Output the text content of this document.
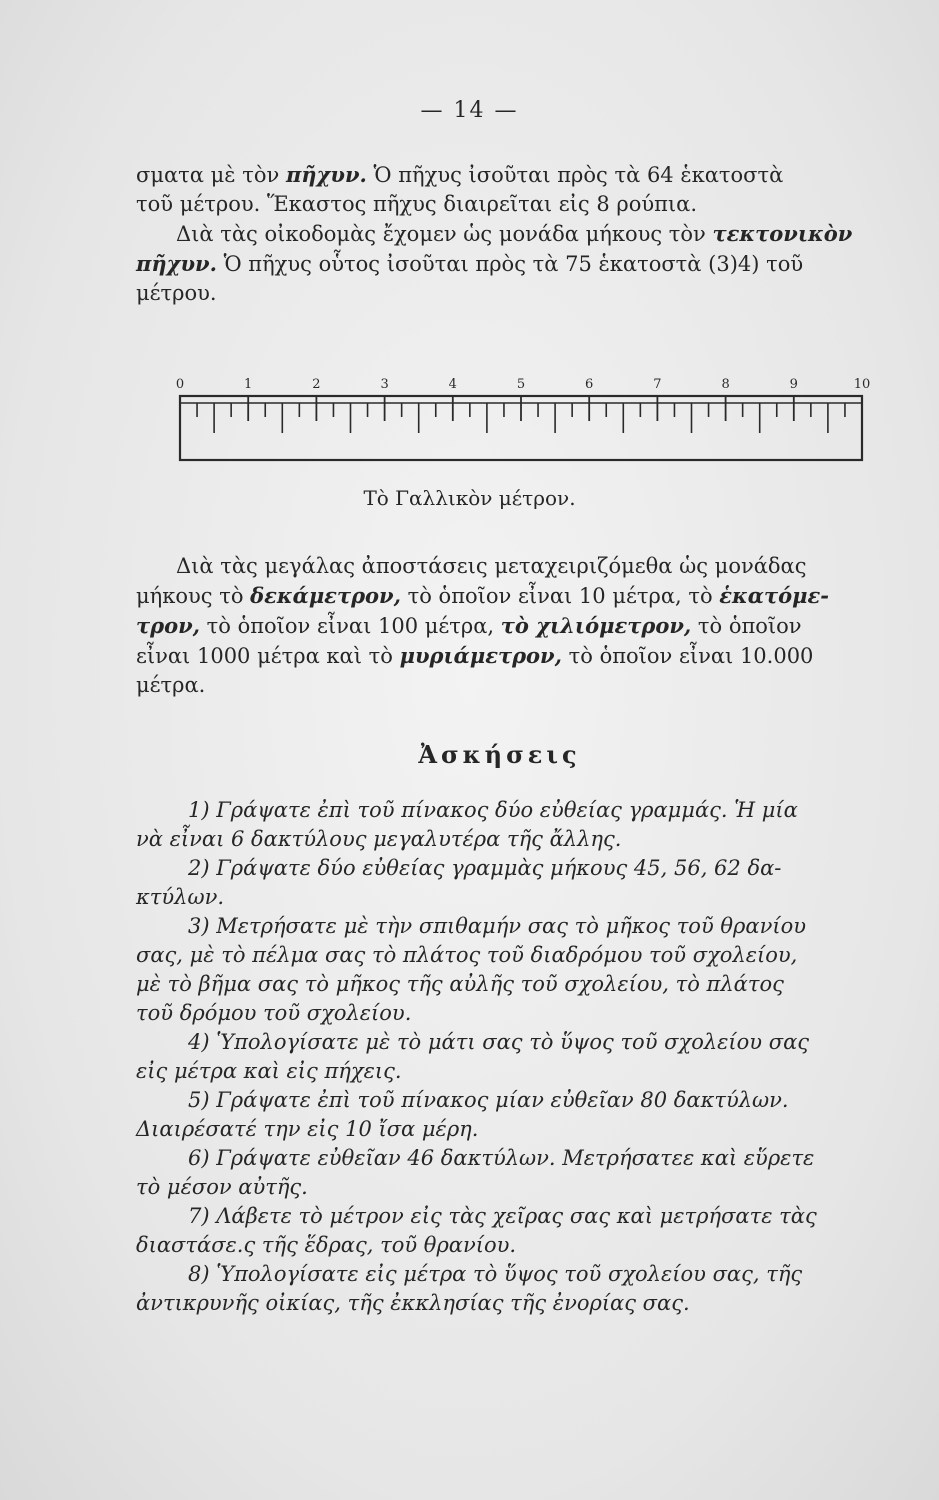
— 14 —
σματα μὲ τὸν πῆχυν. Ὁ πῆχυς ἰσοῦται πρὸς τὰ 64 ἑκατοστὰ
τοῦ μέτρου. Ἕκαστος πῆχυς διαιρεῖται εἰς 8 ρούπια.
Διὰ τὰς οἰκοδομὰς ἔχομεν ὡς μονάδα μήκους τὸν τεκτονικὸν
πῆχυν. Ὁ πῆχυς οὗτος ἰσοῦται πρὸς τὰ 75 ἑκατοστὰ (3)4) τοῦ
μέτρου.
0	1	2	3	4	5	6	7	8	9	10
Τὸ Γαλλικὸν μέτρον.
Διὰ τὰς μεγάλας ἀποστάσεις μεταχειριζόμεθα ὡς μονάδας
μήκους τὸ δεκάμετρον, τὸ ὁποῖον εἶναι 10 μέτρα, τὸ ἑκατόμε-
τρον, τὸ ὁποῖον εἶναι 100 μέτρα, τὸ χιλιόμετρον, τὸ ὁποῖον
εἶναι 1000 μέτρα καὶ τὸ μυριάμετρον, τὸ ὁποῖον εἶναι 10.000
μέτρα.
Ἀσκήσεις
1) Γράψατε ἐπὶ τοῦ πίνακος δύο εὐθείας γραμμάς. Ἡ μία
νὰ εἶναι 6 δακτύλους μεγαλυτέρα τῆς ἄλλης.
2) Γράψατε δύο εὐθείας γραμμὰς μήκους 45, 56, 62 δα-
κτύλων.
3) Μετρήσατε μὲ τὴν σπιθαμήν σας τὸ μῆκος τοῦ θρανίου
σας, μὲ τὸ πέλμα σας τὸ πλάτος τοῦ διαδρόμου τοῦ σχολείου,
μὲ τὸ βῆμα σας τὸ μῆκος τῆς αὐλῆς τοῦ σχολείου, τὸ πλάτος
τοῦ δρόμου τοῦ σχολείου.
4) Ὑπολογίσατε μὲ τὸ μάτι σας τὸ ὕψος τοῦ σχολείου σας
εἰς μέτρα καὶ εἰς πήχεις.
5) Γράψατε ἐπὶ τοῦ πίνακος μίαν εὐθεῖαν 80 δακτύλων.
Διαιρέσατέ την εἰς 10 ἴσα μέρη.
6) Γράψατε εὐθεῖαν 46 δακτύλων. Μετρήσατεε καὶ εὕρετε
τὸ μέσον αὐτῆς.
7) Λάβετε τὸ μέτρον εἰς τὰς χεῖρας σας καὶ μετρήσατε τὰς
διαστάσε.ς τῆς ἕδρας, τοῦ θρανίου.
8) Ὑπολογίσατε εἰς μέτρα τὸ ὕψος τοῦ σχολείου σας, τῆς
ἀντικρυνῆς οἰκίας, τῆς ἐκκλησίας τῆς ἐνορίας σας.
